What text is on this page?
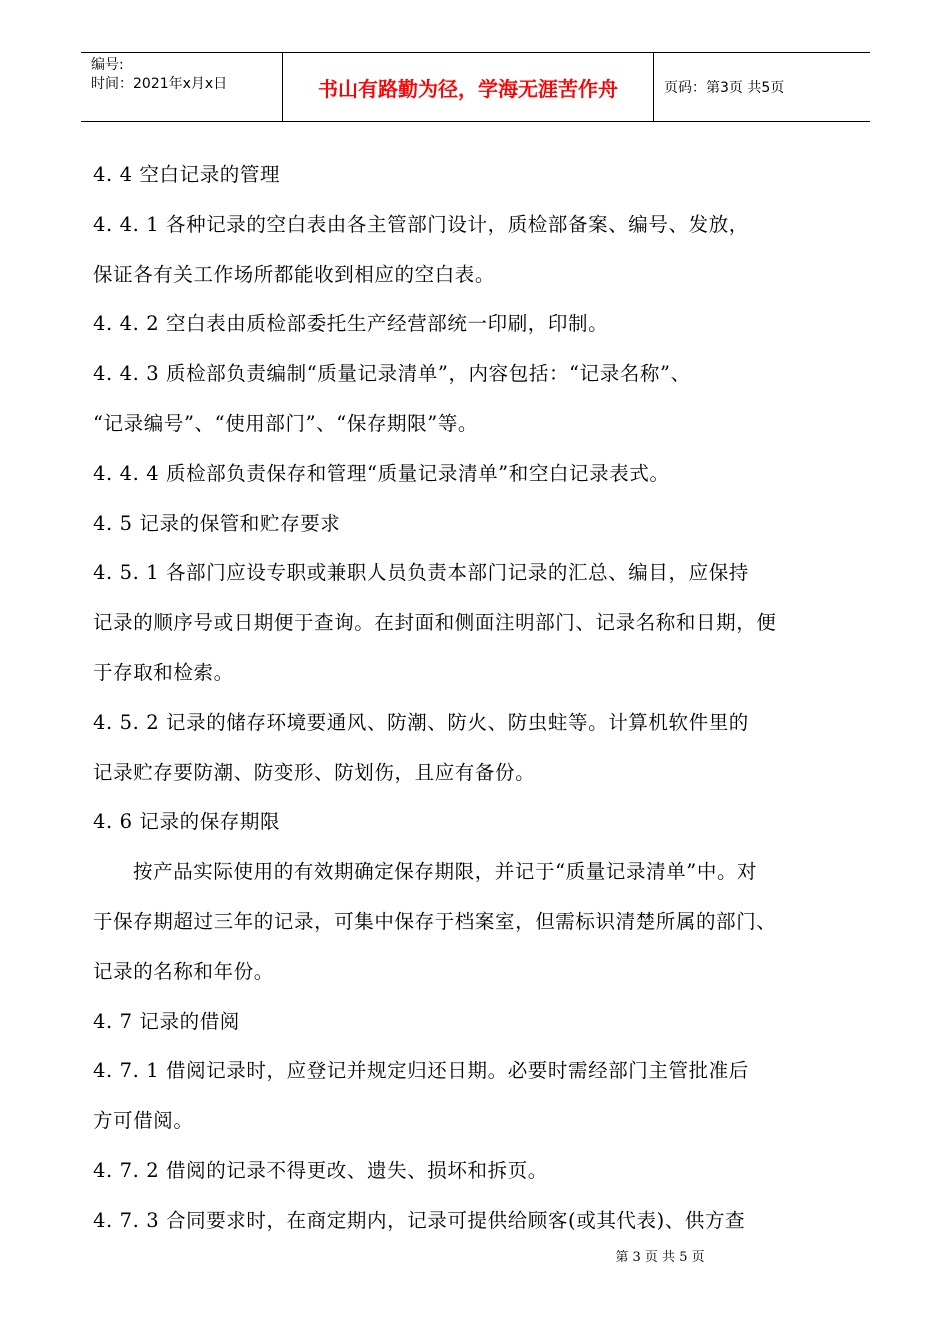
编号:
时间：2021年x月x日	书山有路勤为径，学海无涯苦作舟	页码：第3页 共5页
4. 4 空白记录的管理
4. 4. 1 各种记录的空白表由各主管部门设计，质检部备案、编号、发放，
保证各有关工作场所都能收到相应的空白表。
4. 4. 2 空白表由质检部委托生产经营部统一印刷，印制。
4. 4. 3 质检部负责编制“质量记录清单”，内容包括：“记录名称”、
“记录编号”、“使用部门”、“保存期限”等。
4. 4. 4 质检部负责保存和管理“质量记录清单”和空白记录表式。
4. 5 记录的保管和贮存要求
4. 5. 1 各部门应设专职或兼职人员负责本部门记录的汇总、编目，应保持
记录的顺序号或日期便于查询。在封面和侧面注明部门、记录名称和日期，便
于存取和检索。
4. 5. 2 记录的储存环境要通风、防潮、防火、防虫蛀等。计算机软件里的
记录贮存要防潮、防变形、防划伤，且应有备份。
4. 6 记录的保存期限
按产品实际使用的有效期确定保存期限，并记于“质量记录清单”中。对
于保存期超过三年的记录，可集中保存于档案室，但需标识清楚所属的部门、
记录的名称和年份。
4. 7 记录的借阅
4. 7. 1 借阅记录时，应登记并规定归还日期。必要时需经部门主管批准后
方可借阅。
4. 7. 2 借阅的记录不得更改、遗失、损坏和拆页。
4. 7. 3 合同要求时，在商定期内，记录可提供给顾客(或其代表)、供方查
第 3 页 共 5 页
